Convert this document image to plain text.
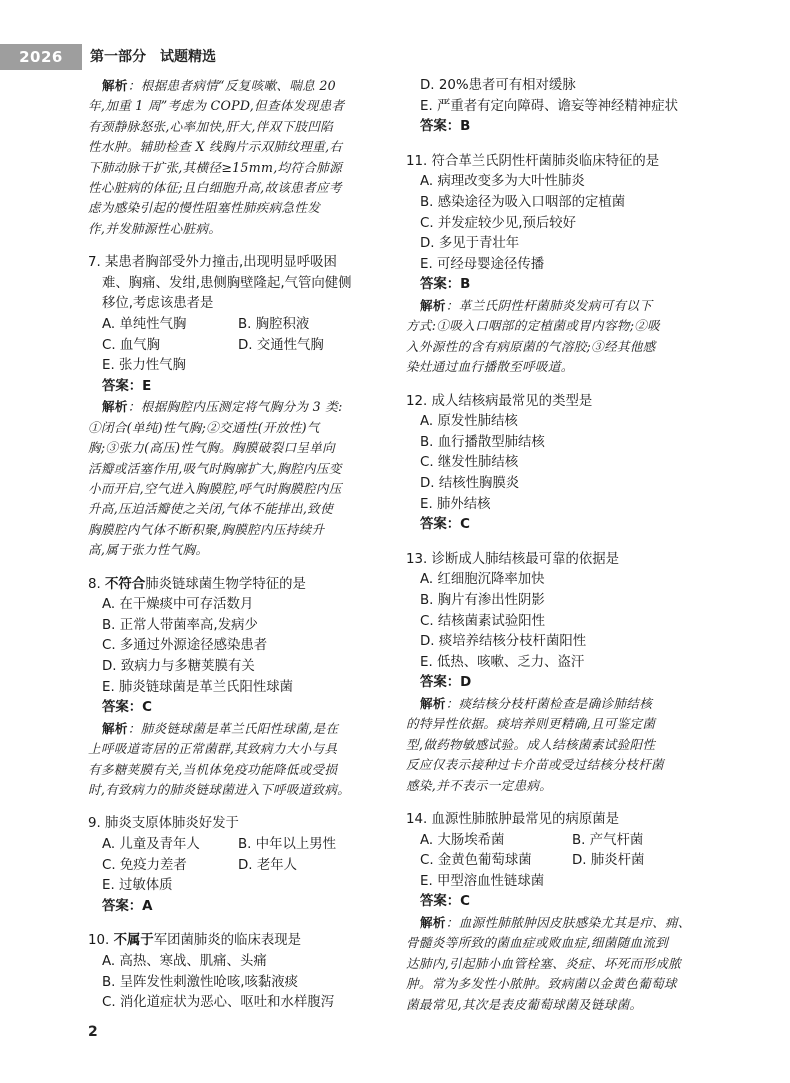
2026	第一部分　试题精选
解析：根据患者病情“反复咳嗽、喘息 20
年,加重 1 周”考虑为 COPD,但查体发现患者
有颈静脉怒张,心率加快,肝大,伴双下肢凹陷
性水肿。辅助检查 X 线胸片示双肺纹理重,右
下肺动脉干扩张,其横径≥15mm,均符合肺源
性心脏病的体征;且白细胞升高,故该患者应考
虑为感染引起的慢性阻塞性肺疾病急性发
作,并发肺源性心脏病。
7. 某患者胸部受外力撞击,出现明显呼吸困
难、胸痛、发绀,患侧胸壁隆起,气管向健侧
移位,考虑该患者是
A. 单纯性气胸	B. 胸腔积液
C. 血气胸	D. 交通性气胸
E. 张力性气胸
答案：E
解析：根据胸腔内压测定将气胸分为 3 类:
①闭合(单纯)性气胸;②交通性(开放性)气
胸;③张力(高压)性气胸。胸膜破裂口呈单向
活瓣或活塞作用,吸气时胸廓扩大,胸腔内压变
小而开启,空气进入胸膜腔,呼气时胸膜腔内压
升高,压迫活瓣使之关闭,气体不能排出,致使
胸膜腔内气体不断积聚,胸膜腔内压持续升
高,属于张力性气胸。
8. 不符合肺炎链球菌生物学特征的是
A. 在干燥痰中可存活数月
B. 正常人带菌率高,发病少
C. 多通过外源途径感染患者
D. 致病力与多糖荚膜有关
E. 肺炎链球菌是革兰氏阳性球菌
答案：C
解析：肺炎链球菌是革兰氏阳性球菌,是在
上呼吸道寄居的正常菌群,其致病力大小与具
有多糖荚膜有关,当机体免疫功能降低或受损
时,有致病力的肺炎链球菌进入下呼吸道致病。
9. 肺炎支原体肺炎好发于
A. 儿童及青年人	B. 中年以上男性
C. 免疫力差者	D. 老年人
E. 过敏体质
答案：A
10. 不属于军团菌肺炎的临床表现是
A. 高热、寒战、肌痛、头痛
B. 呈阵发性刺激性呛咳,咳黏液痰
C. 消化道症状为恶心、呕吐和水样腹泻
D. 20%患者可有相对缓脉
E. 严重者有定向障碍、谵妄等神经精神症状
答案：B
11. 符合革兰氏阴性杆菌肺炎临床特征的是
A. 病理改变多为大叶性肺炎
B. 感染途径为吸入口咽部的定植菌
C. 并发症较少见,预后较好
D. 多见于青壮年
E. 可经母婴途径传播
答案：B
解析：革兰氏阴性杆菌肺炎发病可有以下
方式:①吸入口咽部的定植菌或胃内容物;②吸
入外源性的含有病原菌的气溶胶;③经其他感
染灶通过血行播散至呼吸道。
12. 成人结核病最常见的类型是
A. 原发性肺结核
B. 血行播散型肺结核
C. 继发性肺结核
D. 结核性胸膜炎
E. 肺外结核
答案：C
13. 诊断成人肺结核最可靠的依据是
A. 红细胞沉降率加快
B. 胸片有渗出性阴影
C. 结核菌素试验阳性
D. 痰培养结核分枝杆菌阳性
E. 低热、咳嗽、乏力、盗汗
答案：D
解析：痰结核分枝杆菌检查是确诊肺结核
的特异性依据。痰培养则更精确,且可鉴定菌
型,做药物敏感试验。成人结核菌素试验阳性
反应仅表示接种过卡介苗或受过结核分枝杆菌
感染,并不表示一定患病。
14. 血源性肺脓肿最常见的病原菌是
A. 大肠埃希菌	B. 产气杆菌
C. 金黄色葡萄球菌	D. 肺炎杆菌
E. 甲型溶血性链球菌
答案：C
解析：血源性肺脓肿因皮肤感染尤其是疖、痈、
骨髓炎等所致的菌血症或败血症,细菌随血流到
达肺内,引起肺小血管栓塞、炎症、坏死而形成脓
肿。常为多发性小脓肿。致病菌以金黄色葡萄球
菌最常见,其次是表皮葡萄球菌及链球菌。
2
